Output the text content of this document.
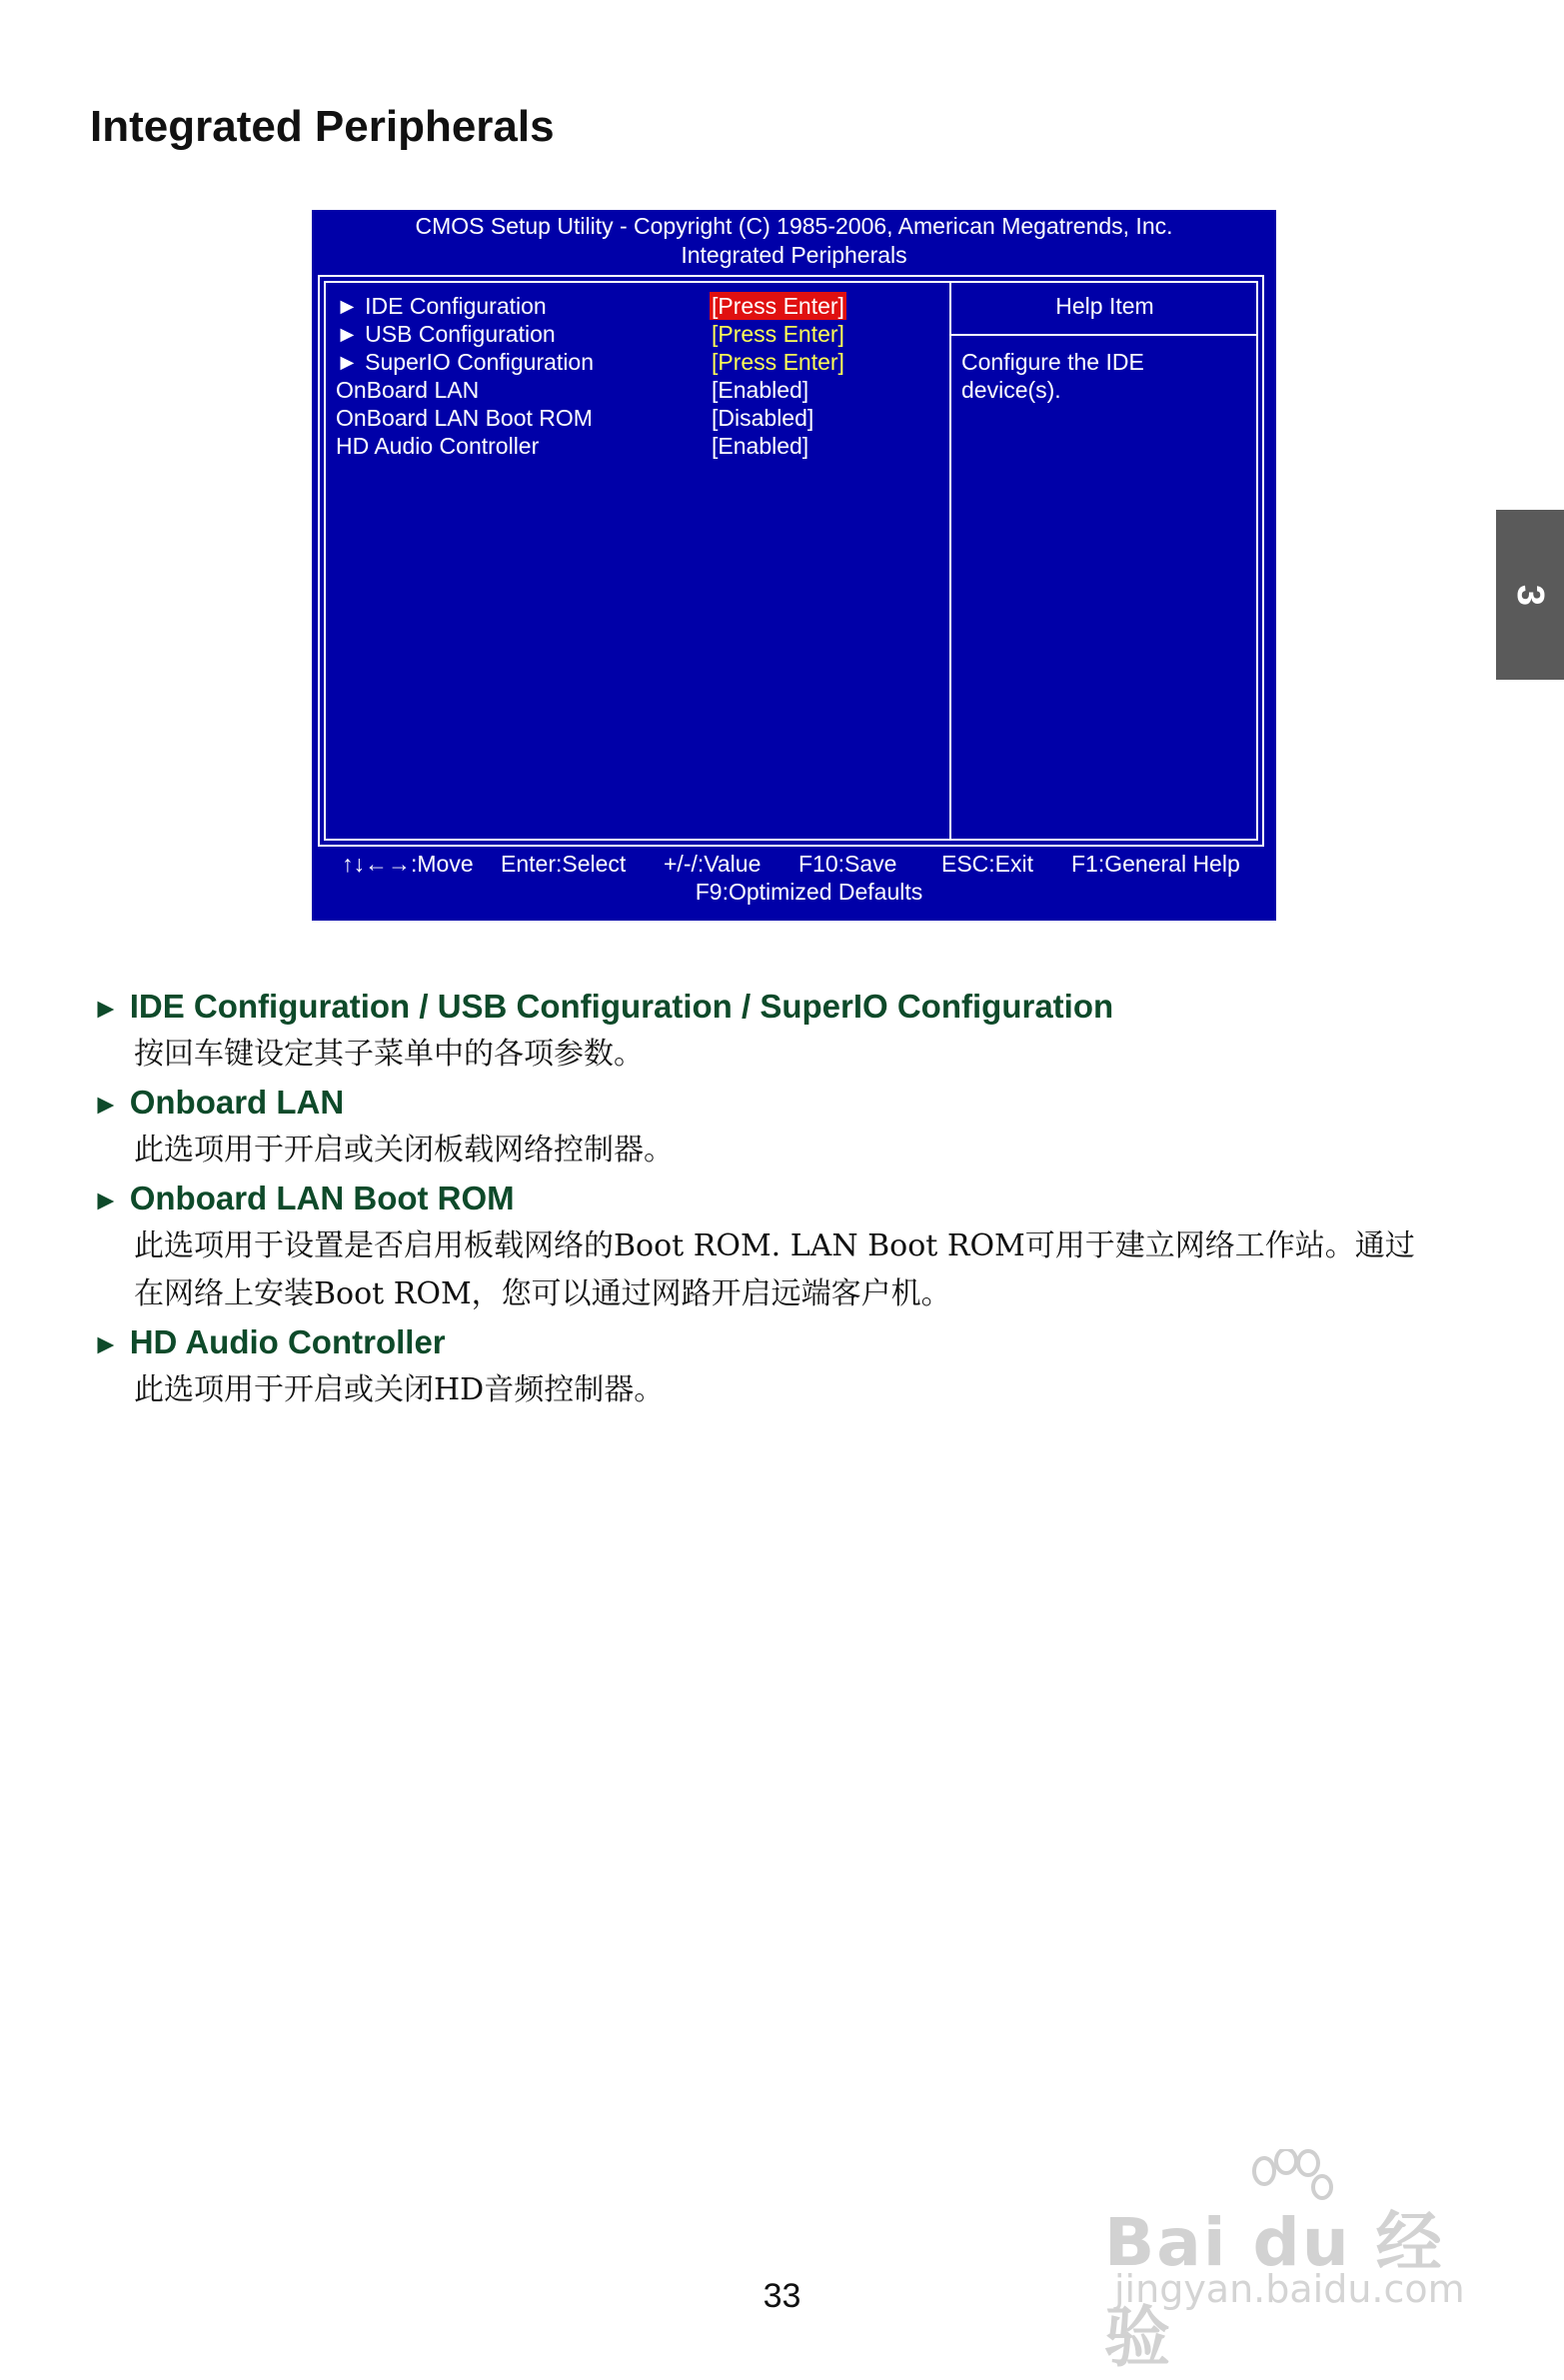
Integrated Peripherals
3
CMOS Setup Utility - Copyright (C) 1985-2006, American Megatrends, Inc.
Integrated Peripherals
► IDE Configuration	[Press Enter]
► USB Configuration	[Press Enter]
► SuperIO Configuration	[Press Enter]
OnBoard LAN	[Enabled]
OnBoard LAN Boot ROM	[Disabled]
HD Audio Controller	[Enabled]
Help Item
Configure the IDE device(s).
↑↓←→:Move Enter:Select +/-/:Value F10:Save ESC:Exit F1:General Help
F9:Optimized Defaults
► IDE Configuration / USB Configuration / SuperIO Configuration
按回车键设定其子菜单中的各项参数。
► Onboard LAN
此选项用于开启或关闭板载网络控制器。
► Onboard LAN Boot ROM
此选项用于设置是否启用板载网络的Boot ROM. LAN Boot ROM可用于建立网络工作站。通过
在网络上安装Boot ROM，您可以通过网路开启远端客户机。
► HD Audio Controller
此选项用于开启或关闭HD音频控制器。
Bai du 经验
jingyan.baidu.com
33
